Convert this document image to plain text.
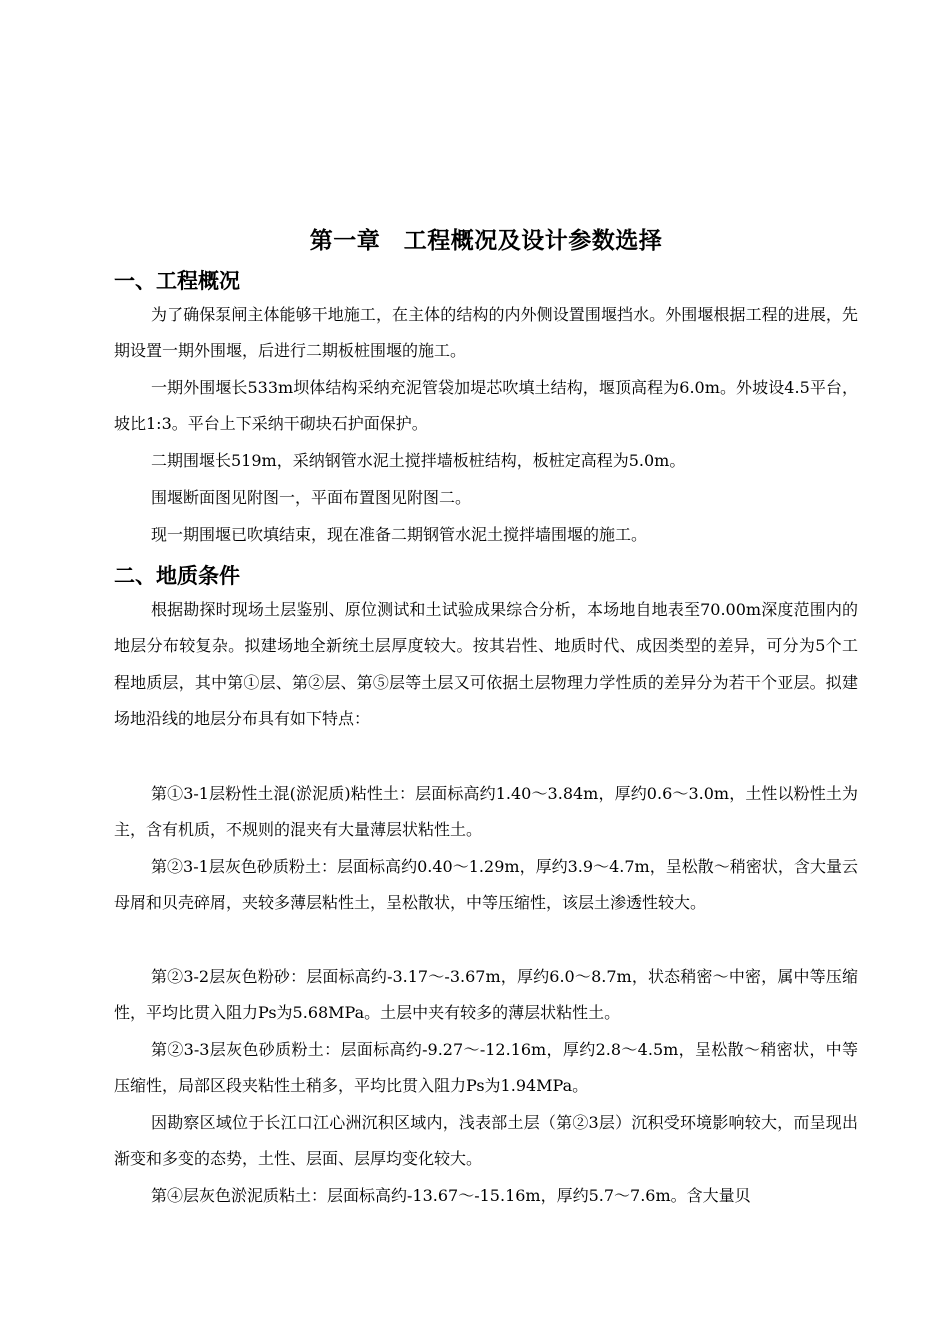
第一章　工程概况及设计参数选择
一、工程概况

为了确保泵闸主体能够干地施工，在主体的结构的内外侧设置围堰挡水。外围堰根据工程的进展，先期设置一期外围堰，后进行二期板桩围堰的施工。

一期外围堰长533m坝体结构采纳充泥管袋加堤芯吹填土结构，堰顶高程为6.0m。外坡设4.5平台，坡比1:3。平台上下采纳干砌块石护面保护。

二期围堰长519m，采纳钢管水泥土搅拌墙板桩结构，板桩定高程为5.0m。

围堰断面图见附图一，平面布置图见附图二。

现一期围堰已吹填结束，现在准备二期钢管水泥土搅拌墙围堰的施工。

二、地质条件

根据勘探时现场土层鉴别、原位测试和土试验成果综合分析，本场地自地表至70.00m深度范围内的地层分布较复杂。拟建场地全新统土层厚度较大。按其岩性、地质时代、成因类型的差异，可分为5个工程地质层，其中第①层、第②层、第⑤层等土层又可依据土层物理力学性质的差异分为若干个亚层。拟建场地沿线的地层分布具有如下特点：

第①3-1层粉性土混(淤泥质)粘性土：层面标高约1.40～3.84m，厚约0.6～3.0m，土性以粉性土为主，含有机质，不规则的混夹有大量薄层状粘性土。

第②3-1层灰色砂质粉土：层面标高约0.40～1.29m，厚约3.9～4.7m，呈松散～稍密状，含大量云母屑和贝壳碎屑，夹较多薄层粘性土，呈松散状，中等压缩性，该层土渗透性较大。

第②3-2层灰色粉砂：层面标高约-3.17～-3.67m，厚约6.0～8.7m，状态稍密～中密，属中等压缩性，平均比贯入阻力Ps为5.68MPa。土层中夹有较多的薄层状粘性土。

第②3-3层灰色砂质粉土：层面标高约-9.27～-12.16m，厚约2.8～4.5m，呈松散～稍密状，中等压缩性，局部区段夹粘性土稍多，平均比贯入阻力Ps为1.94MPa。

因勘察区域位于长江口江心洲沉积区域内，浅表部土层（第②3层）沉积受环境影响较大，而呈现出渐变和多变的态势，土性、层面、层厚均变化较大。

第④层灰色淤泥质粘土：层面标高约-13.67～-15.16m，厚约5.7～7.6m。含大量贝
